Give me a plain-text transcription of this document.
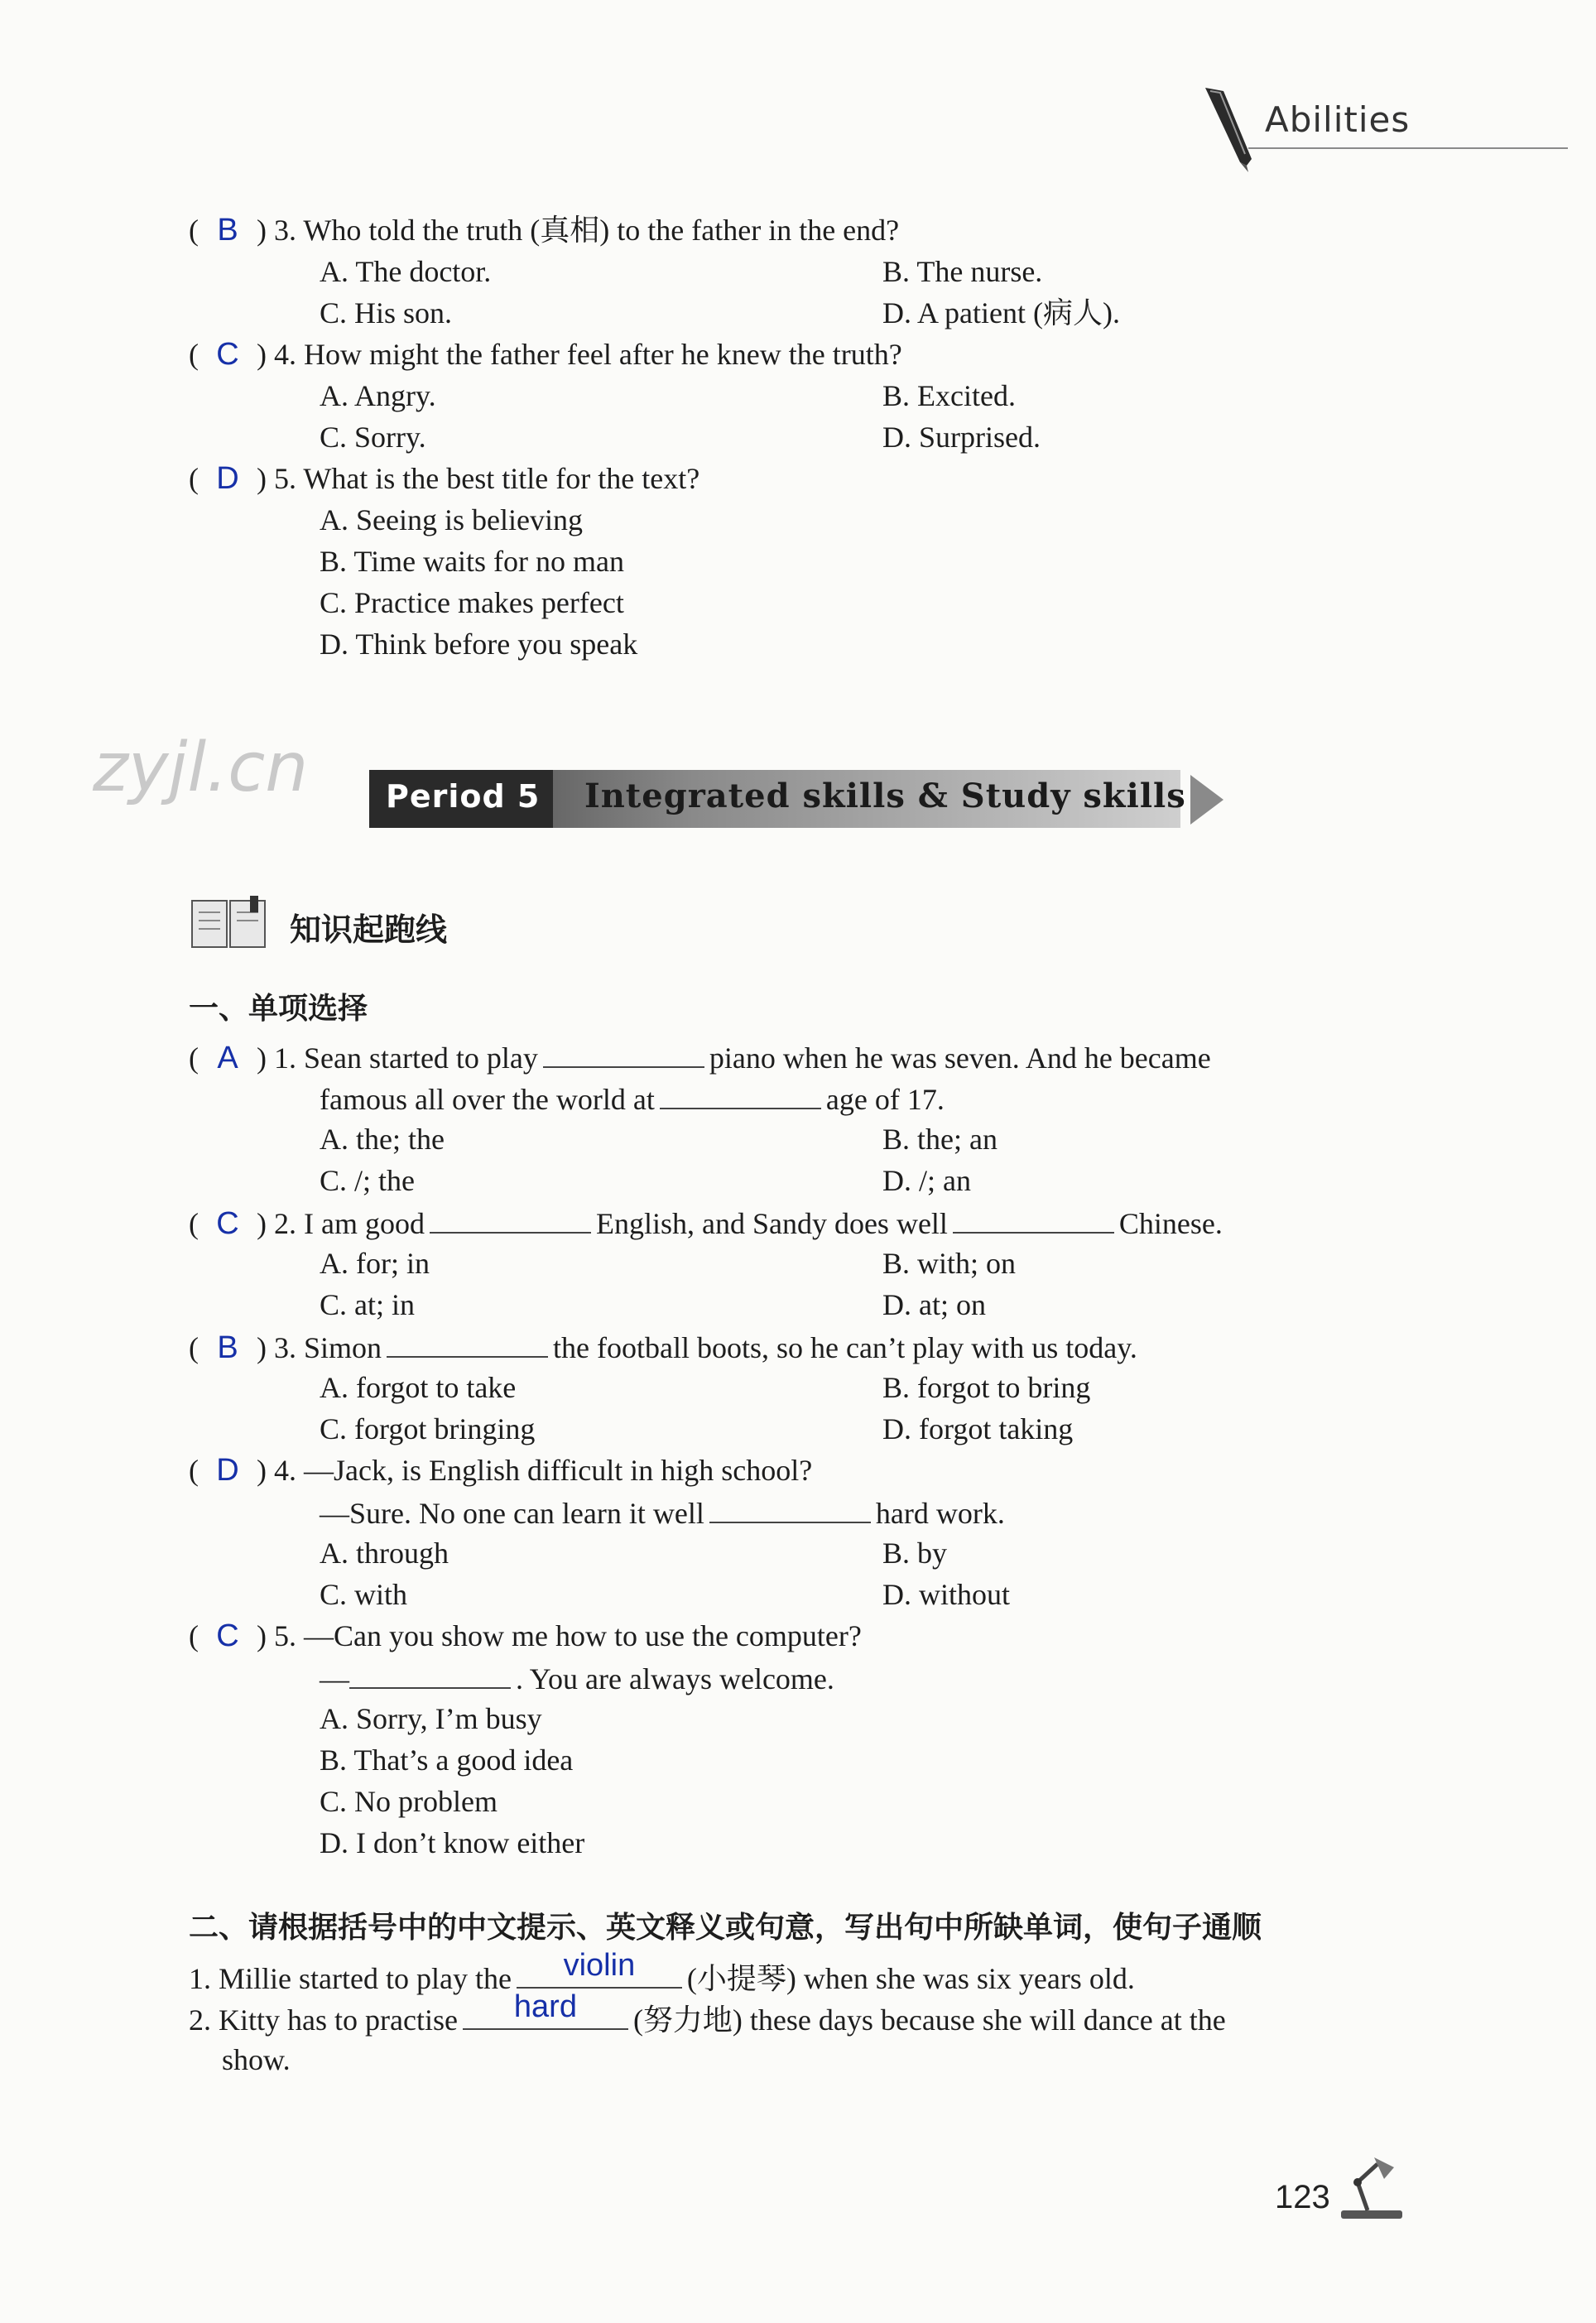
Abilities
( B ) 3. Who told the truth (真相) to the father in the end?
A. The doctor.	B. The nurse.
C. His son.	D. A patient (病人).
( C ) 4. How might the father feel after he knew the truth?
A. Angry.	B. Excited.
C. Sorry.	D. Surprised.
( D ) 5. What is the best title for the text?
A. Seeing is believing
B. Time waits for no man
C. Practice makes perfect
D. Think before you speak
zyjl.cn Period 5 Integrated skills & Study skills
知识起跑线
一、单项选择
( A ) 1. Sean started to play	piano when he was seven. And he became
famous all over the world at	age of 17.
A. the; the	B. the; an
C. /; the	D. /; an
( C ) 2. I am good	English, and Sandy does well	Chinese.
A. for; in	B. with; on
C. at; in	D. at; on
( B ) 3. Simon	the football boots, so he can’t play with us today.
A. forgot to take	B. forgot to bring
C. forgot bringing	D. forgot taking
( D ) 4. —Jack, is English difficult in high school?
—Sure. No one can learn it well	hard work.
A. through	B. by
C. with	D. without
( C ) 5. —Can you show me how to use the computer?
—	. You are always welcome.
A. Sorry, I’m busy
B. That’s a good idea
C. No problem
D. I don’t know either
二、请根据括号中的中文提示、英文释义或句意，写出句中所缺单词，使句子通顺
1. Millie started to play the	violin	(小提琴) when she was six years old.
2. Kitty has to practise	hard	(努力地) these days because she will dance at the
show.
123
